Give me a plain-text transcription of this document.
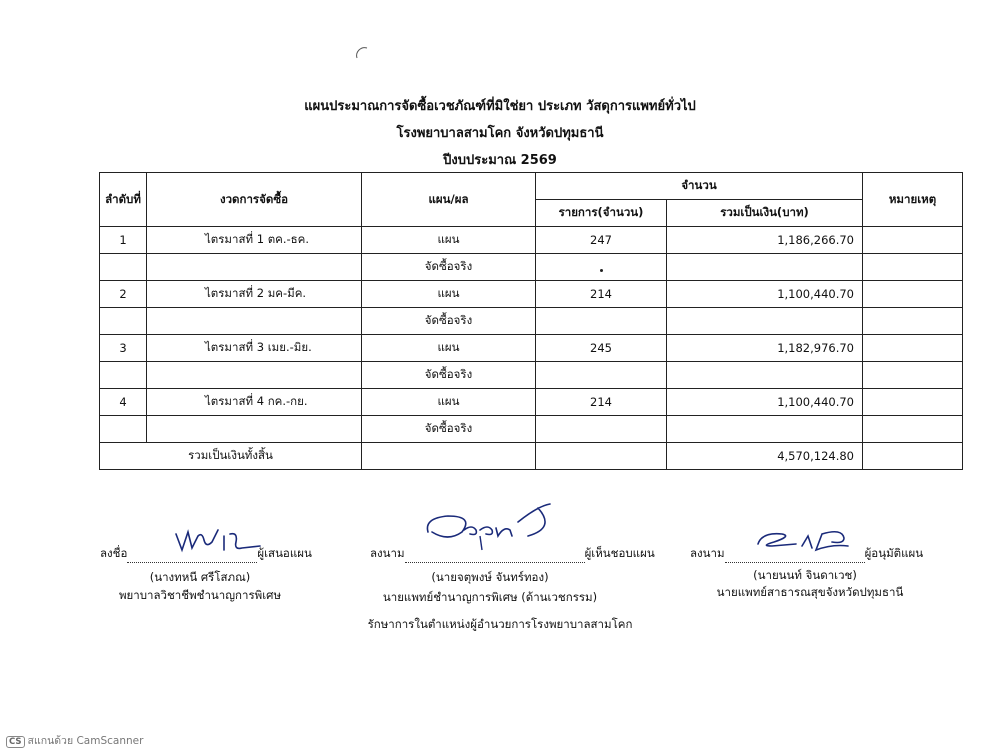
แผนประมาณการจัดซื้อเวชภัณฑ์ที่มิใช่ยา ประเภท วัสดุการแพทย์ทั่วไป
โรงพยาบาลสามโคก จังหวัดปทุมธานี
ปีงบประมาณ 2569
ลำดับที่	งวดการจัดซื้อ	แผน/ผล	จำนวน		หมายเหตุ
			รายการ(จำนวน)	รวมเป็นเงิน(บาท)	
1	ไตรมาสที่ 1 ตค.-ธค.	แผน	247	1,186,266.70	
		จัดซื้อจริง			
2	ไตรมาสที่ 2 มค-มีค.	แผน	214	1,100,440.70	
		จัดซื้อจริง			
3	ไตรมาสที่ 3 เมย.-มิย.	แผน	245	1,182,976.70	
		จัดซื้อจริง			
4	ไตรมาสที่ 4 กค.-กย.	แผน	214	1,100,440.70	
		จัดซื้อจริง			
รวมเป็นเงินทั้งสิ้น				4,570,124.80	
ลงชื่อ	ผู้เสนอแผน
(นางทหนี ศรีโสภณ)
พยาบาลวิชาชีพชำนาญการพิเศษ
ลงนาม	ผู้เห็นชอบแผน
(นายจตุพงษ์ จันทร์ทอง)
นายแพทย์ชำนาญการพิเศษ (ด้านเวชกรรม)
ลงนาม	ผู้อนุมัติแผน
(นายนนท์ จินดาเวช)
นายแพทย์สาธารณสุขจังหวัดปทุมธานี
รักษาการในตำแหน่งผู้อำนวยการโรงพยาบาลสามโคก
CS สแกนด้วย CamScanner
